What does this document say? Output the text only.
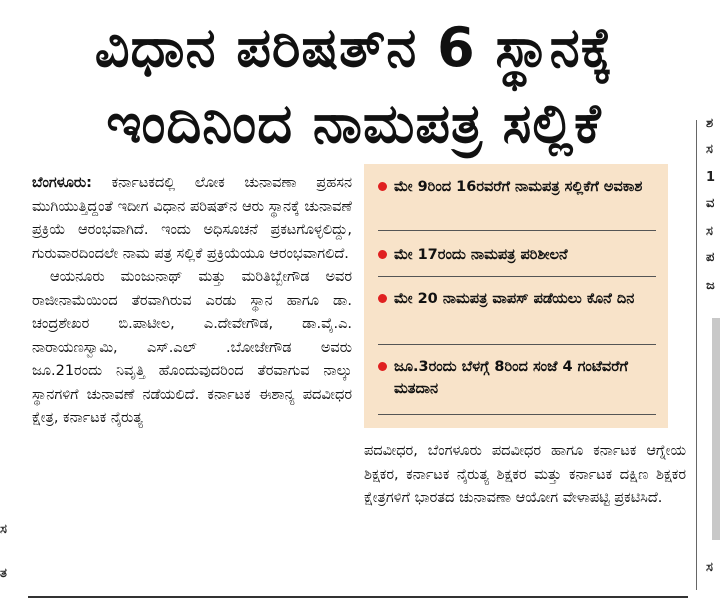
ವಿಧಾನ ಪರಿಷತ್‌ನ 6 ಸ್ಥಾನಕ್ಕೆ
ಇಂದಿನಿಂದ ನಾಮಪತ್ರ ಸಲ್ಲಿಕೆ

ಬೆಂಗಳೂರು: ಕರ್ನಾಟಕದಲ್ಲಿ ಲೋಕ ಚುನಾವಣಾ ಪ್ರಹಸನ ಮುಗಿಯುತ್ತಿದ್ದಂತೆ ಇದೀಗ ವಿಧಾನ ಪರಿಷತ್‌ನ ಆರು ಸ್ಥಾನಕ್ಕೆ ಚುನಾವಣೆ ಪ್ರಕ್ರಿಯೆ ಆರಂಭವಾಗಿದೆ. ಇಂದು ಅಧಿಸೂಚನೆ ಪ್ರಕಟಗೊಳ್ಳಲಿದ್ದು, ಗುರುವಾರದಿಂದಲೇ ನಾಮ ಪತ್ರ ಸಲ್ಲಿಕೆ ಪ್ರಕ್ರಿಯೆಯೂ ಆರಂಭವಾಗಲಿದೆ.

ಆಯನೂರು ಮಂಜುನಾಥ್ ಮತ್ತು ಮರಿತಿಬ್ಬೇಗೌಡ ಅವರ ರಾಜೀನಾಮೆಯಿಂದ ತೆರವಾಗಿರುವ ಎರಡು ಸ್ಥಾನ ಹಾಗೂ ಡಾ. ಚಂದ್ರಶೇಖರ ಬಿ.ಪಾಟೀಲ, ಎ.ದೇವೇಗೌಡ, ಡಾ.ವೈ.ಎ. ನಾರಾಯಣಸ್ವಾಮಿ, ಎಸ್.ಎಲ್ .ಬೋಜೇಗೌಡ ಅವರು ಜೂ.21ರಂದು ನಿವೃತ್ತಿ ಹೊಂದುವುದರಿಂದ ತೆರವಾಗುವ ನಾಲ್ಕು ಸ್ಥಾನಗಳಿಗೆ ಚುನಾವಣೆ ನಡೆಯಲಿದೆ. ಕರ್ನಾಟಕ ಈಶಾನ್ಯ ಪದವೀಧರ ಕ್ಷೇತ್ರ, ಕರ್ನಾಟಕ ನೈರುತ್ಯ

ಮೇ 9ರಿಂದ 16ರವರೆಗೆ ನಾಮಪತ್ರ ಸಲ್ಲಿಕೆಗೆ ಅವಕಾಶ
ಮೇ 17ರಂದು ನಾಮಪತ್ರ ಪರಿಶೀಲನೆ
ಮೇ 20 ನಾಮಪತ್ರ ವಾಪಸ್ ಪಡೆಯಲು ಕೊನೆ ದಿನ
ಜೂ.3ರಂದು ಬೆಳಗ್ಗೆ 8ರಿಂದ ಸಂಜೆ 4 ಗಂಟೆವರೆಗೆ ಮತದಾನ

ಪದವೀಧರ, ಬೆಂಗಳೂರು ಪದವೀಧರ ಹಾಗೂ ಕರ್ನಾಟಕ ಆಗ್ನೇಯ ಶಿಕ್ಷಕರ, ಕರ್ನಾಟಕ ನೈರುತ್ಯ ಶಿಕ್ಷಕರ ಮತ್ತು ಕರ್ನಾಟಕ ದಕ್ಷಿಣ ಶಿಕ್ಷಕರ ಕ್ಷೇತ್ರಗಳಿಗೆ ಭಾರತದ ಚುನಾವಣಾ ಆಯೋಗ ವೇಳಾಪಟ್ಟಿ ಪ್ರಕಟಿಸಿದೆ.

ಶ
ಸ
1
ವ
ಸ
ಪ
ಜ
ಸ
ಸ
ತ
